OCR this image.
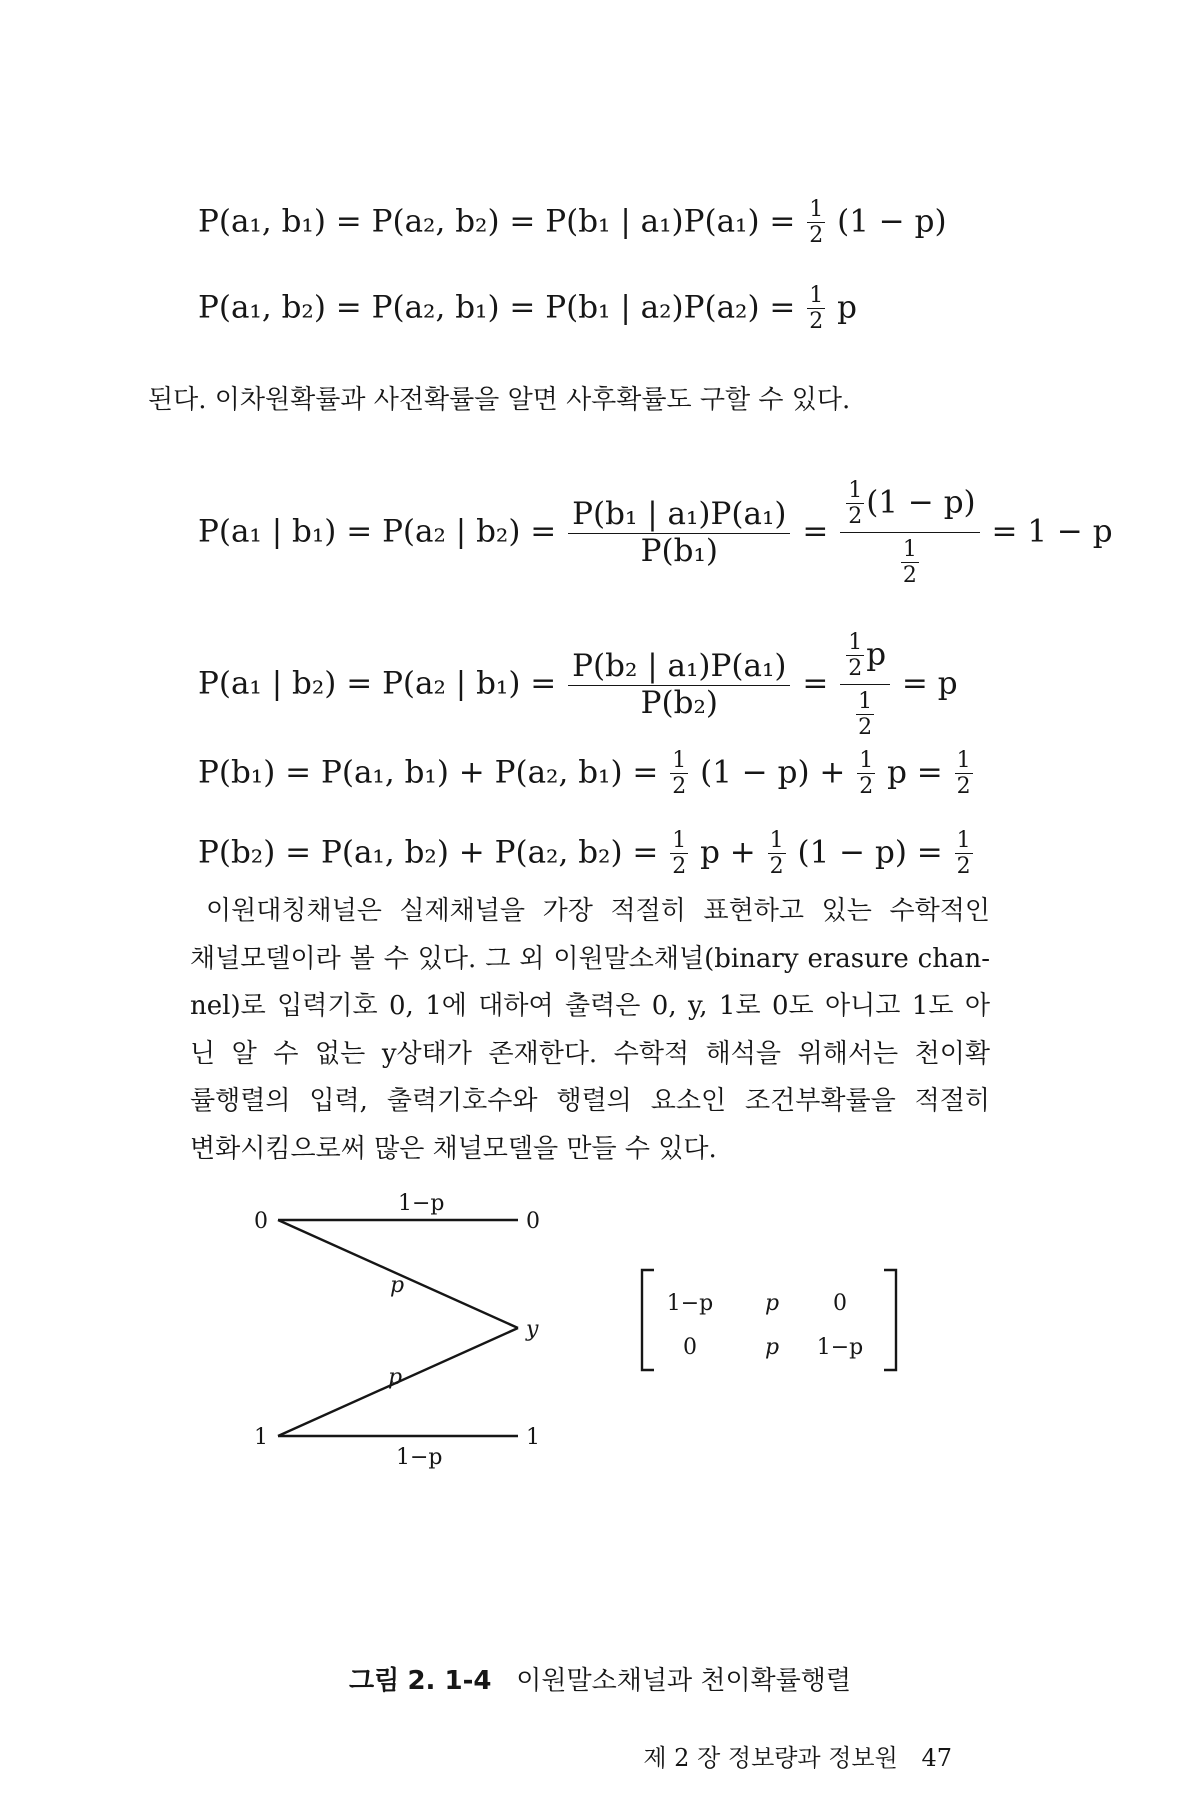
P(a₁, b₁) = P(a₂, b₂) = P(b₁ | $a_1)P(a_1) = \frac{1}{2} (1 - p)$
P(a₁, b₂) = P(a₂, b₁) = P(b₁ | $a_2)P(a_2) = \frac{1}{2}$ p
된다. 이차원확률과 사전확률을 알면 사후확률도 구할 수 있다.
P(a₁ | b₁) = P(a₂ | $b_2) = \frac{\text{P(b₁ | a₁)P(a₁)}}{\text{P(b₁)}} = \frac{\frac{1}{2} (1 - p)}{\frac{1}{2}} = 1 - p$
P(a₁ | b₂) = P(a₂ | $b_1) = \frac{\text{P(b₂ | a₁)P(a₁)}}{\text{P(b₂)}} = \frac{\frac{1}{2} p}{\frac{1}{2}} = p$
P(b₁) = P(a₁, b₁) + P(a₂, $b_1) = \frac{1}{2} (1 - p) + \frac{1}{2}$ $p = \frac{1}{2}$
P(b₂) = P(a₁, b₂) + P(a₂, $b_2) = \frac{1}{2}$ $p + \frac{1}{2} (1 - p) = \frac{1}{2}$
이원대칭채널은 실제채널을 가장 적절히 표현하고 있는 수학적인
채널모델이라 볼 수 있다. 그 외 이원말소채널(binary erasure chan-
nel)로 입력기호 0, 1에 대하여 출력은 0, y, 1로 0도 아니고 1도 아
닌 알 수 없는 y상태가 존재한다. 수학적 해석을 위해서는 천이확
률행렬의 입력, 출력기호수와 행렬의 요소인 조건부확률을 적절히
변화시킴으로써 많은 채널모델을 만들 수 있다.
0
1
0
y
1
1−p
p
p
1−p
1−p p 0
0	p 1−p
그림 2. 1-4 이원말소채널과 천이확률행렬
제 2 장 정보량과 정보원 47
